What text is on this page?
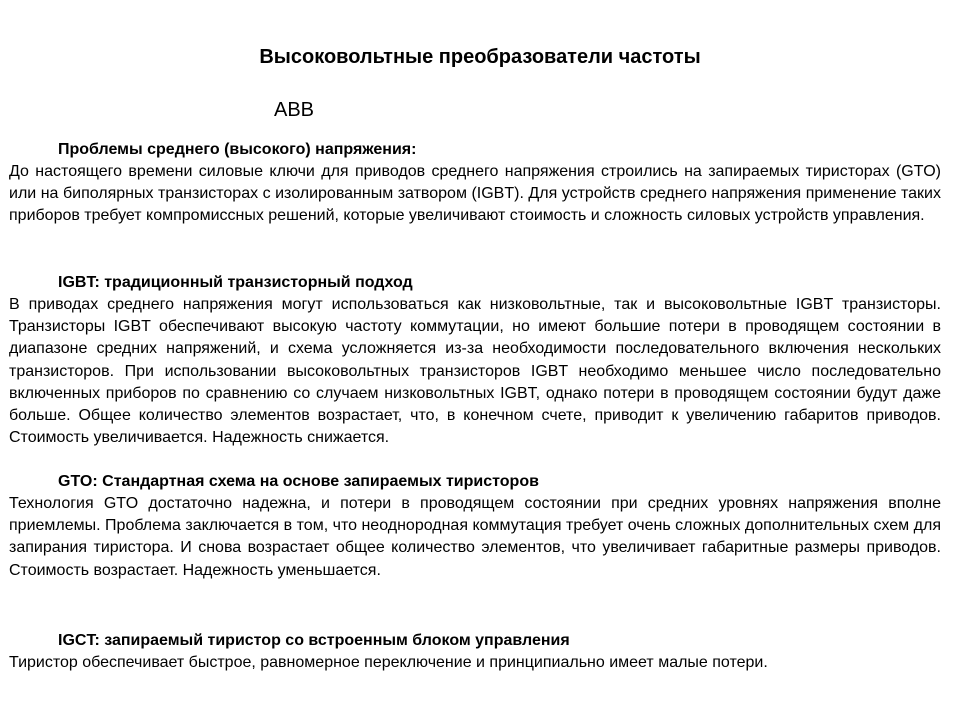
Высоковольтные преобразователи частоты
ABB

Проблемы среднего (высокого) напряжения:

До настоящего времени силовые ключи для приводов среднего напряжения строились на запираемых тиристорах (GTO) или на биполярных транзисторах с изолированным затвором (IGBT). Для устройств среднего напряжения применение таких приборов требует компромиссных решений, которые увеличивают стоимость и сложность силовых устройств управления.

IGBT: традиционный транзисторный подход

В приводах среднего напряжения могут использоваться как низковольтные, так и высоковольтные IGBT транзисторы. Транзисторы IGBT обеспечивают высокую частоту коммутации, но имеют большие потери в проводящем состоянии в диапазоне средних напряжений, и схема усложняется из-за необходимости последовательного включения нескольких транзисторов. При использовании высоковольтных транзисторов IGBT необходимо меньшее число последовательно включенных приборов по сравнению со случаем низковольтных IGBT, однако потери в проводящем состоянии будут даже больше. Общее количество элементов возрастает, что, в конечном счете, приводит к увеличению габаритов приводов. Стоимость увеличивается. Надежность снижается.

GTO: Стандартная схема на основе запираемых тиристоров

Технология GTO достаточно надежна, и потери в проводящем состоянии при средних уровнях напряжения вполне приемлемы. Проблема заключается в том, что неоднородная коммутация требует очень сложных дополнительных схем для запирания тиристора. И снова возрастает общее количество элементов, что увеличивает габаритные размеры приводов. Стоимость возрастает. Надежность уменьшается.

IGCT: запираемый тиристор со встроенным блоком управления

Тиристор обеспечивает быстрое, равномерное переключение и принципиально имеет малые потери.
